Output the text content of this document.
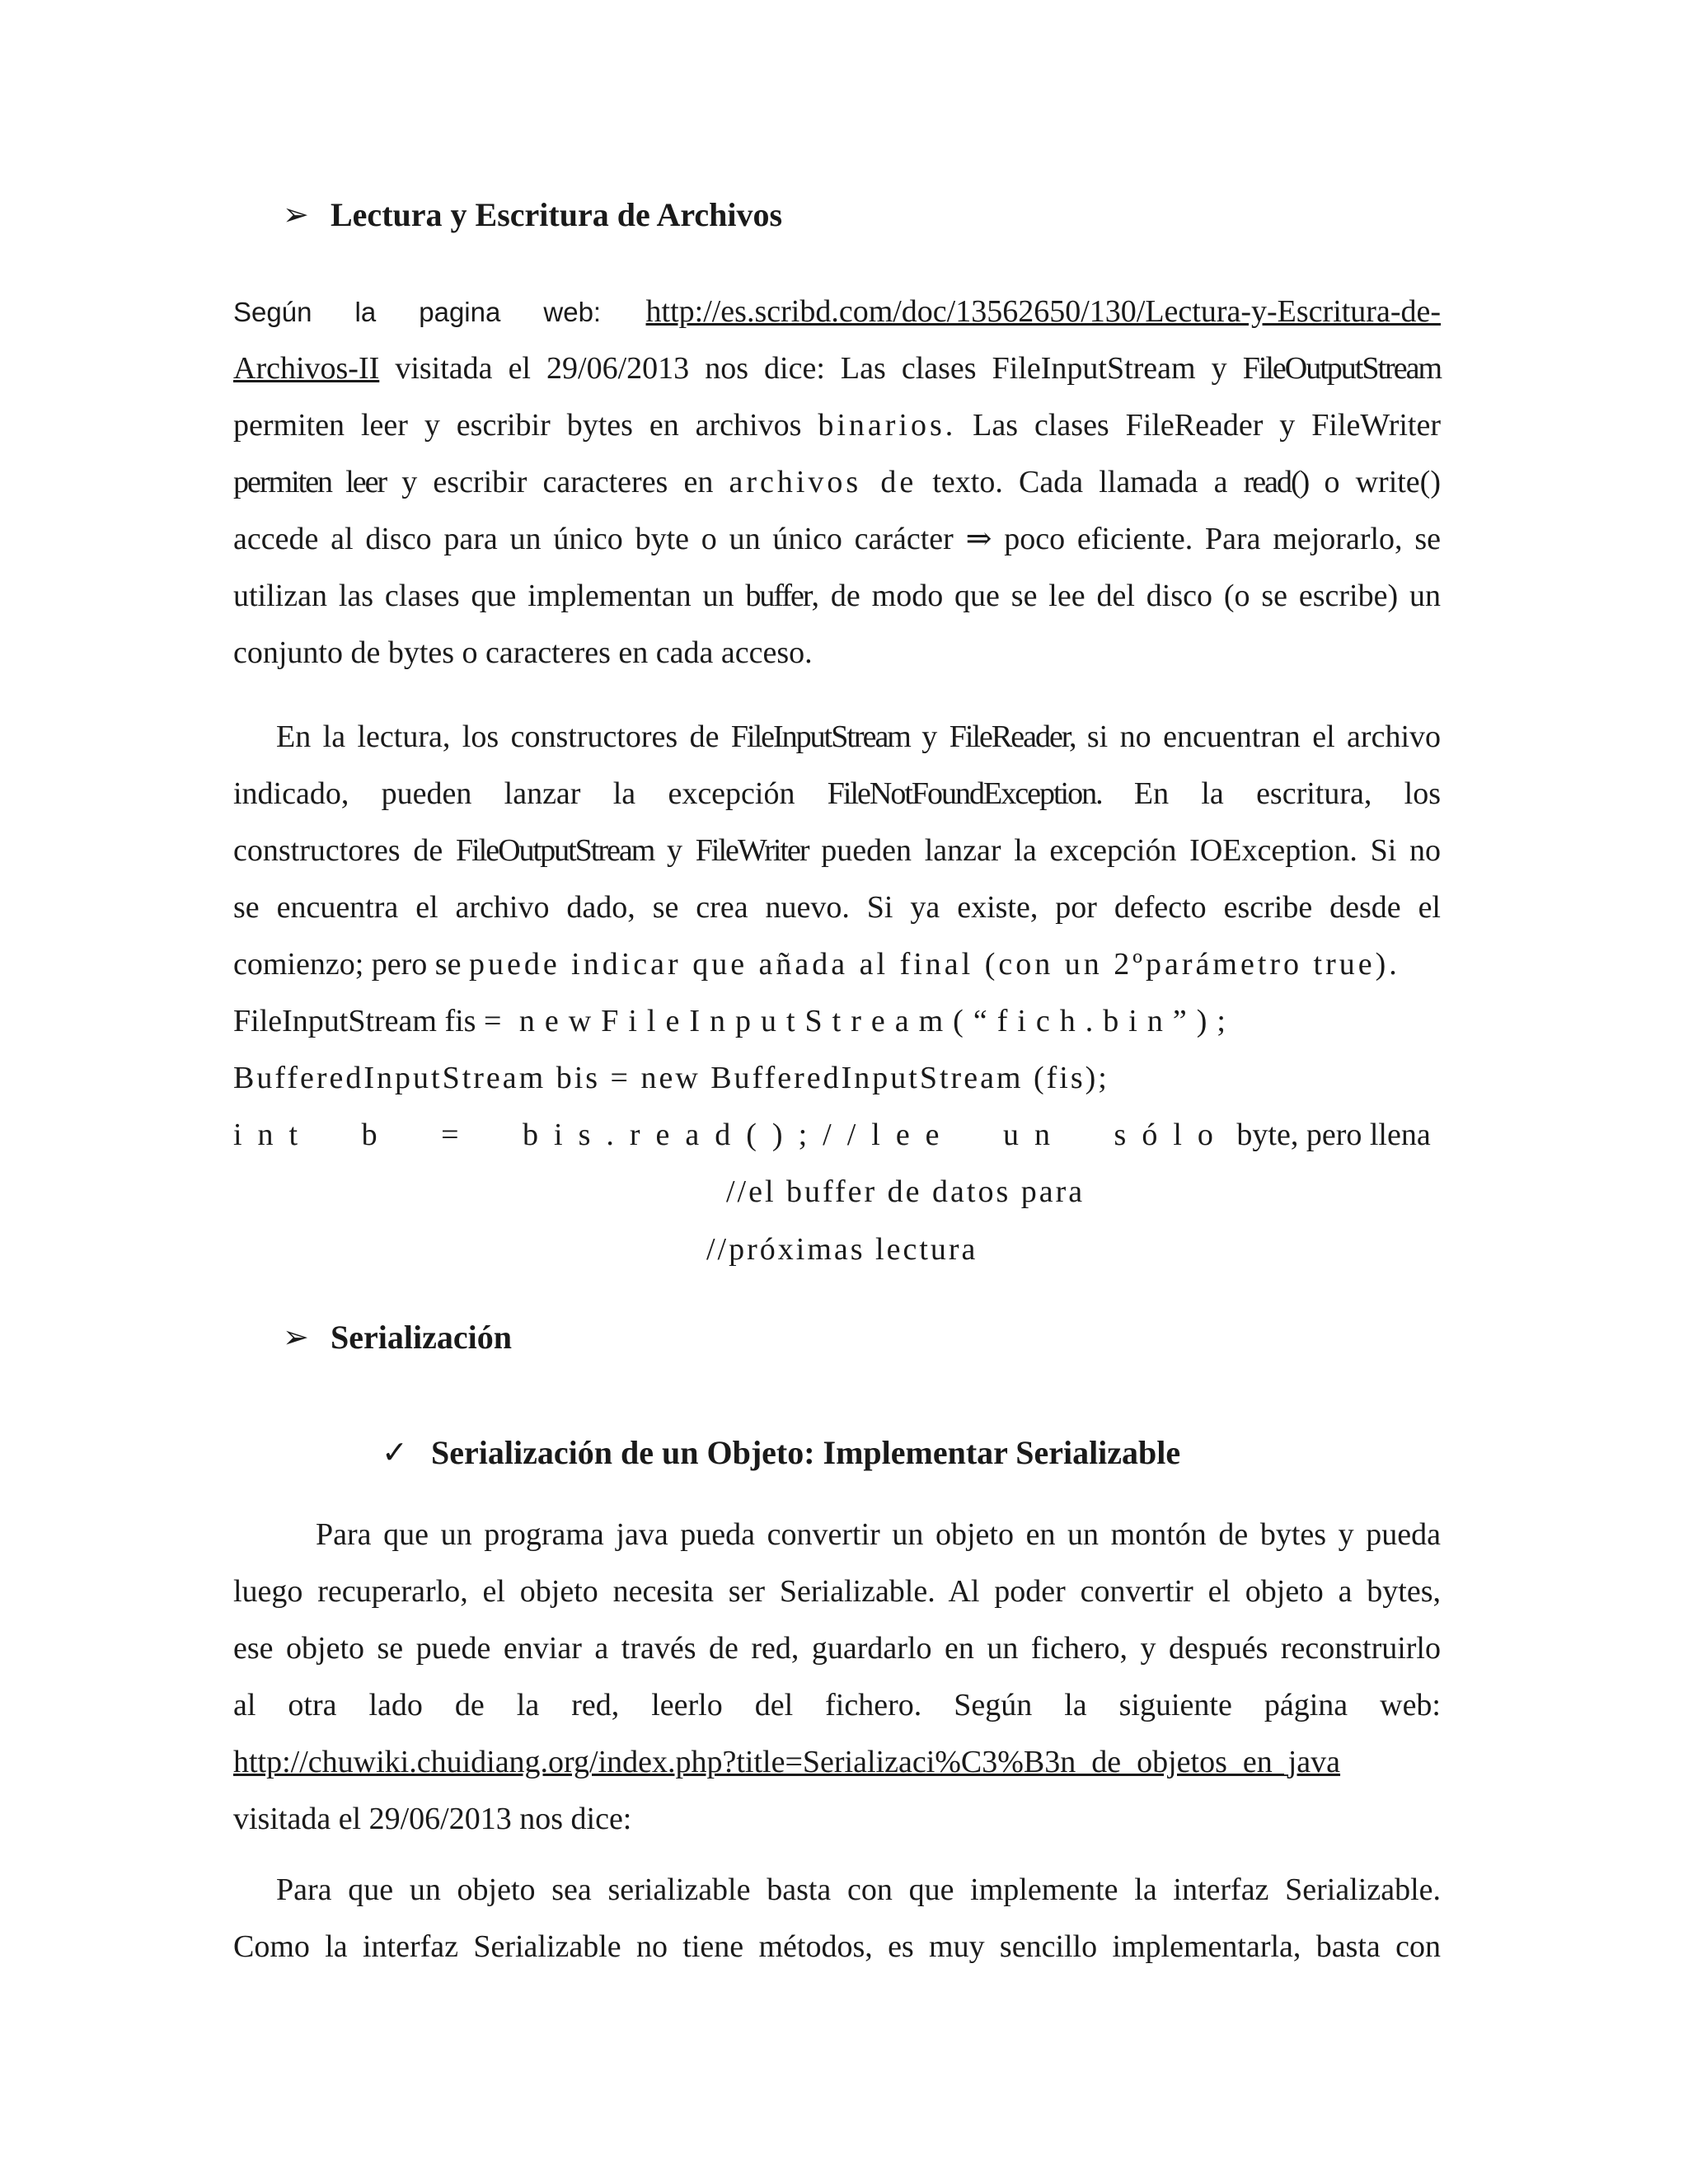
➢ Lectura y Escritura de Archivos
Según la pagina web: http://es.scribd.com/doc/13562650/130/Lectura-y-Escritura-de-
Archivos-II visitada el 29/06/2013 nos dice: Las clases FileInputStream y FileOutputStream
permiten leer y escribir bytes en archivos binarios. Las clases FileReader y FileWriter
permiten leer y escribir caracteres en archivos de texto. Cada llamada a read() o write()
accede al disco para un único byte o un único carácter ⇒ poco eficiente. Para mejorarlo, se
utilizan las clases que implementan un buffer, de modo que se lee del disco (o se escribe) un
conjunto de bytes o caracteres en cada acceso.
En la lectura, los constructores de FileInputStream y FileReader, si no encuentran el archivo
indicado, pueden lanzar la excepción FileNotFoundException. En la escritura, los
constructores de FileOutputStream y FileWriter pueden lanzar la excepción IOException. Si no
se encuentra el archivo dado, se crea nuevo. Si ya existe, por defecto escribe desde el
comienzo; pero se puede indicar que añada al final (con un 2ºparámetro true).
FileInputStream fis = newFileInputStream(“fich.bin”);
BufferedInputStream bis = new BufferedInputStream (fis);
int b = bis.read();//lee un sólo byte, pero llena
//el buffer de datos para
//próximas lectura
➢ Serialización
✓ Serialización de un Objeto: Implementar Serializable
Para que un programa java pueda convertir un objeto en un montón de bytes y pueda
luego recuperarlo, el objeto necesita ser Serializable. Al poder convertir el objeto a bytes,
ese objeto se puede enviar a través de red, guardarlo en un fichero, y después reconstruirlo
al otra lado de la red, leerlo del fichero. Según la siguiente página web:
http://chuwiki.chuidiang.org/index.php?title=Serializaci%C3%B3n_de_objetos_en_java
visitada el 29/06/2013 nos dice:
Para que un objeto sea serializable basta con que implemente la interfaz Serializable.
Como la interfaz Serializable no tiene métodos, es muy sencillo implementarla, basta con
